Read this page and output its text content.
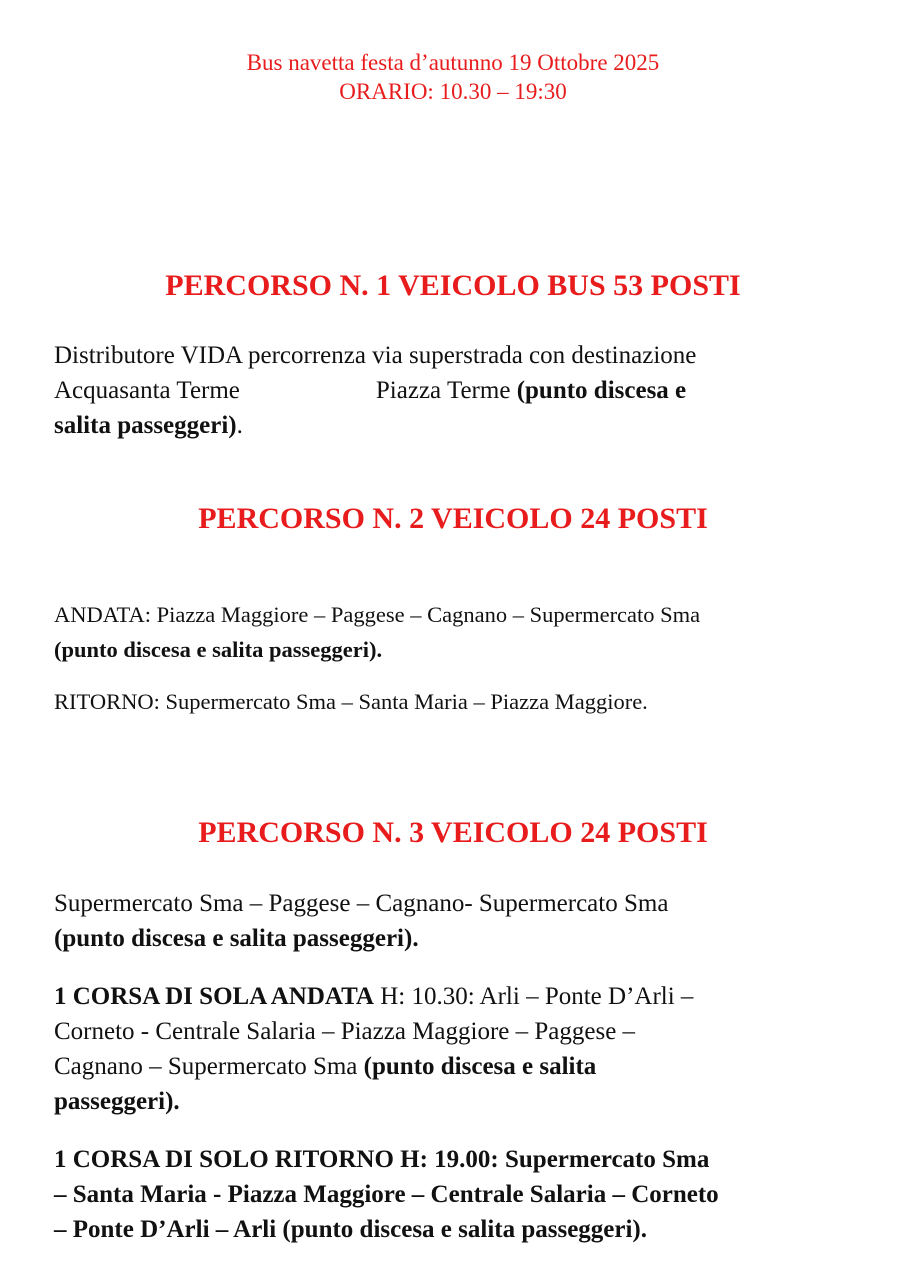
Bus navetta festa d’autunno 19 Ottobre 2025
ORARIO: 10.30 – 19:30
PERCORSO N. 1 VEICOLO BUS 53 POSTI
Distributore VIDA percorrenza via superstrada con destinazione
Acquasanta Terme	Piazza Terme (punto discesa e
salita passeggeri).
PERCORSO N. 2 VEICOLO 24 POSTI
ANDATA: Piazza Maggiore – Paggese – Cagnano – Supermercato Sma
(punto discesa e salita passeggeri).
RITORNO: Supermercato Sma – Santa Maria – Piazza Maggiore.
PERCORSO N. 3 VEICOLO 24 POSTI
Supermercato Sma – Paggese – Cagnano- Supermercato Sma
(punto discesa e salita passeggeri).
1 CORSA DI SOLA ANDATA H: 10.30: Arli – Ponte D’Arli –
Corneto - Centrale Salaria – Piazza Maggiore – Paggese –
Cagnano – Supermercato Sma (punto discesa e salita
passeggeri).
1 CORSA DI SOLO RITORNO H: 19.00: Supermercato Sma
– Santa Maria - Piazza Maggiore – Centrale Salaria – Corneto
– Ponte D’Arli – Arli (punto discesa e salita passeggeri).
